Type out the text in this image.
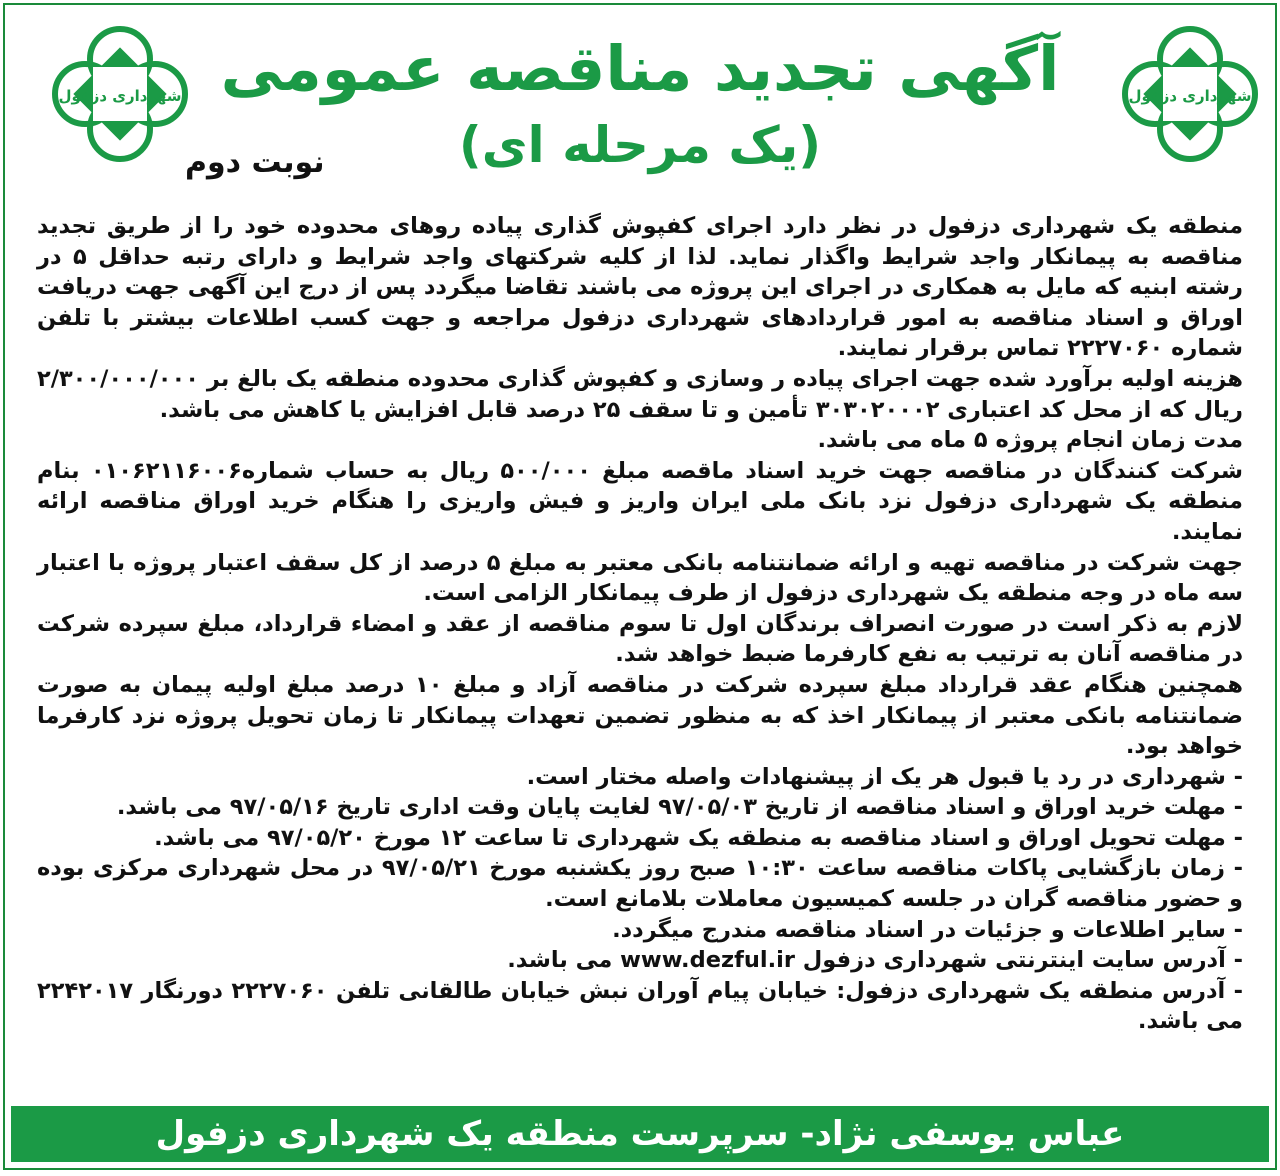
شهرداری دزفول
شهرداری دزفول آگهی تجدید مناقصه عمومی
(یک مرحله ای)
نوبت دوم

منطقه یک شهرداری دزفول در نظر دارد اجرای کفپوش گذاری پیاده روهای محدوده خود را از طریق تجدید مناقصه به پیمانکار واجد شرایط واگذار نماید. لذا از کلیه شرکتهای واجد شرایط و دارای رتبه حداقل ۵ در رشته ابنیه که مایل به همکاری در اجرای این پروژه می باشند تقاضا میگردد پس از درج این آگهی جهت دریافت اوراق و اسناد مناقصه به امور قراردادهای شهرداری دزفول مراجعه و جهت کسب اطلاعات بیشتر با تلفن شماره ۲۲۲۷۰۶۰ تماس برقرار نمایند.

هزینه اولیه برآورد شده جهت اجرای پیاده ر وسازی و کفپوش گذاری محدوده منطقه یک بالغ بر ۲/۳۰۰/۰۰۰/۰۰۰ ریال که از محل کد اعتباری ۳۰۳۰۲۰۰۰۲ تأمین و تا سقف ۲۵ درصد قابل افزایش یا کاهش می باشد.

مدت زمان انجام پروژه ۵ ماه می باشد.

شرکت کنندگان در مناقصه جهت خرید اسناد ماقصه مبلغ ۵۰۰/۰۰۰ ریال به حساب شماره۰۱۰۶۲۱۱۶۰۰۶ بنام منطقه یک شهرداری دزفول نزد بانک ملی ایران واریز و فیش واریزی را هنگام خرید اوراق مناقصه ارائه نمایند.

جهت شرکت در مناقصه تهیه و ارائه ضمانتنامه بانکی معتبر به مبلغ ۵ درصد از کل سقف اعتبار پروژه با اعتبار سه ماه در وجه منطقه یک شهرداری دزفول از طرف پیمانکار الزامی است.

لازم به ذکر است در صورت انصراف برندگان اول تا سوم مناقصه از عقد و امضاء قرارداد، مبلغ سپرده شرکت در مناقصه آنان به ترتیب به نفع کارفرما ضبط خواهد شد.

همچنین هنگام عقد قرارداد مبلغ سپرده شرکت در مناقصه آزاد و مبلغ ۱۰ درصد مبلغ اولیه پیمان به صورت ضمانتنامه بانکی معتبر از پیمانکار اخذ که به منظور تضمین تعهدات پیمانکار تا زمان تحویل پروژه نزد کارفرما خواهد بود.

- شهرداری در رد یا قبول هر یک از پیشنهادات واصله مختار است.

- مهلت خرید اوراق و اسناد مناقصه از تاریخ ۹۷/۰۵/۰۳ لغایت پایان وقت اداری تاریخ ۹۷/۰۵/۱۶ می باشد.

- مهلت تحویل اوراق و اسناد مناقصه به منطقه یک شهرداری تا ساعت ۱۲ مورخ ۹۷/۰۵/۲۰ می باشد.

- زمان بازگشایی پاکات مناقصه ساعت ۱۰:۳۰ صبح روز یکشنبه مورخ ۹۷/۰۵/۲۱ در محل شهرداری مرکزی بوده و حضور مناقصه گران در جلسه کمیسیون معاملات بلامانع است.

- سایر اطلاعات و جزئیات در اسناد مناقصه مندرج میگردد.

- آدرس سایت اینترنتی شهرداری دزفول www.dezful.ir می باشد.

- آدرس منطقه یک شهرداری دزفول: خیابان پیام آوران نبش خیابان طالقانی تلفن ۲۲۲۷۰۶۰ دورنگار ۲۲۴۲۰۱۷ می باشد.

عباس یوسفی نژاد- سرپرست منطقه یک شهرداری دزفول
